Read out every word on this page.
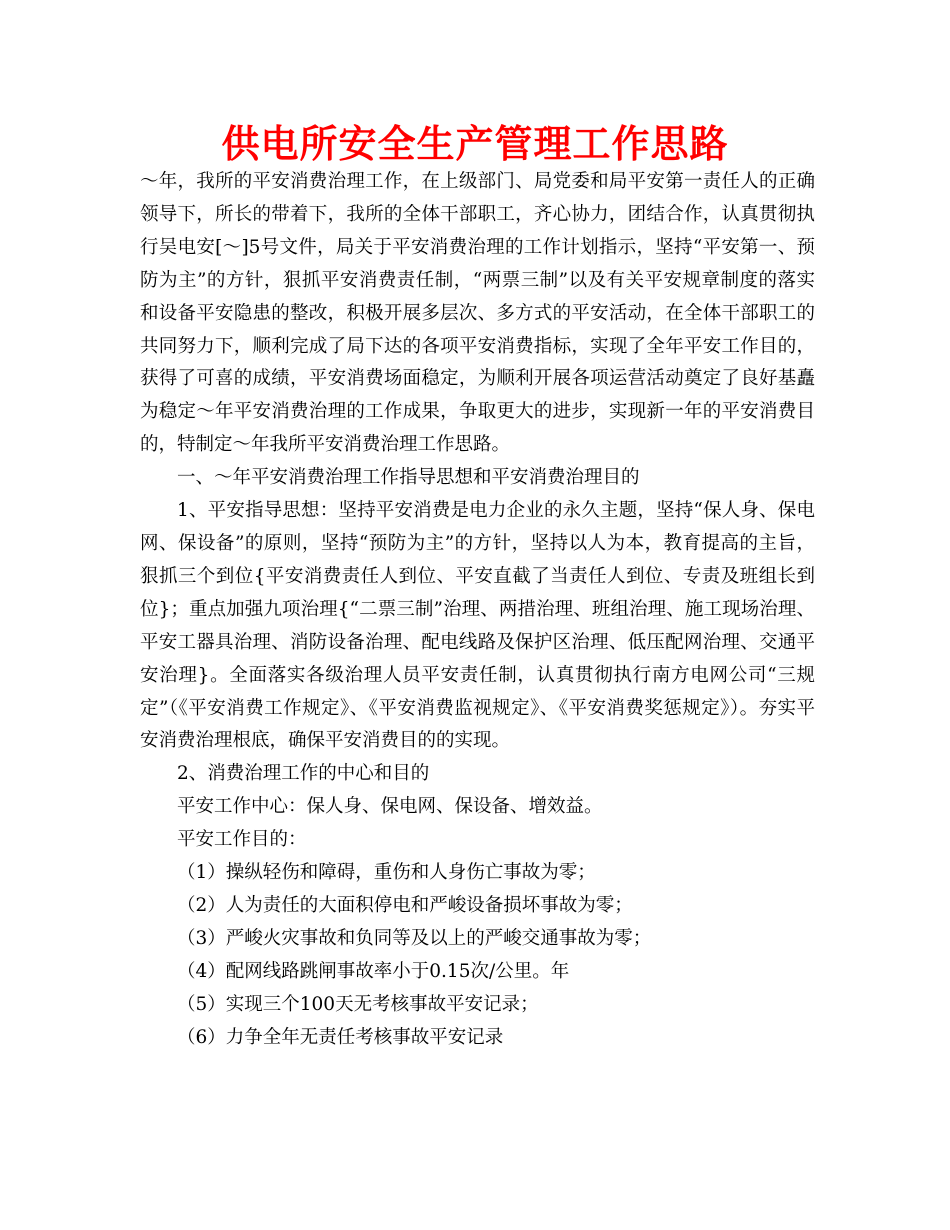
供电所安全生产管理工作思路

～年，我所的平安消费治理工作，在上级部门、局党委和局平安第一责任人的正确领导下，所长的带着下，我所的全体干部职工，齐心协力，团结合作，认真贯彻执行吴电安[～]5号文件，局关于平安消费治理的工作计划指示，坚持“平安第一、预防为主”的方针，狠抓平安消费责任制，“两票三制”以及有关平安规章制度的落实和设备平安隐患的整改，积极开展多层次、多方式的平安活动，在全体干部职工的共同努力下，顺利完成了局下达的各项平安消费指标，实现了全年平安工作目的，获得了可喜的成绩，平安消费场面稳定，为顺利开展各项运营活动奠定了良好基矗为稳定～年平安消费治理的工作成果，争取更大的进步，实现新一年的平安消费目的，特制定～年我所平安消费治理工作思路。

一、～年平安消费治理工作指导思想和平安消费治理目的

1、平安指导思想：坚持平安消费是电力企业的永久主题，坚持“保人身、保电网、保设备”的原则，坚持“预防为主”的方针，坚持以人为本，教育提高的主旨，狠抓三个到位{平安消费责任人到位、平安直截了当责任人到位、专责及班组长到位}；重点加强九项治理{“二票三制”治理、两措治理、班组治理、施工现场治理、平安工器具治理、消防设备治理、配电线路及保护区治理、低压配网治理、交通平安治理}。全面落实各级治理人员平安责任制，认真贯彻执行南方电网公司“三规定”（《平安消费工作规定》、《平安消费监视规定》、《平安消费奖惩规定》）。夯实平安消费治理根底，确保平安消费目的的实现。

2、消费治理工作的中心和目的

平安工作中心：保人身、保电网、保设备、增效益。

平安工作目的：

（1）操纵轻伤和障碍，重伤和人身伤亡事故为零；

（2）人为责任的大面积停电和严峻设备损坏事故为零；

（3）严峻火灾事故和负同等及以上的严峻交通事故为零；

（4）配网线路跳闸事故率小于0.15次/公里。年

（5）实现三个100天无考核事故平安记录；

（6）力争全年无责任考核事故平安记录
